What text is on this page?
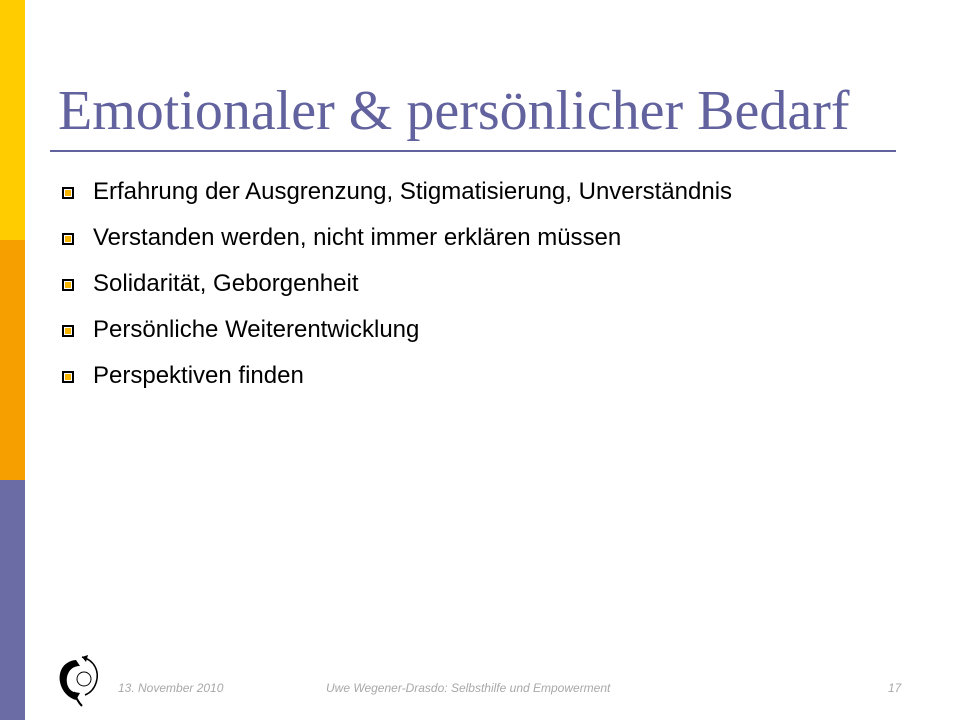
Emotionaler & persönlicher Bedarf
Erfahrung der Ausgrenzung, Stigmatisierung, Unverständnis
Verstanden werden, nicht immer erklären müssen
Solidarität, Geborgenheit
Persönliche Weiterentwicklung
Perspektiven finden
13. November 2010	Uwe Wegener-Drasdo: Selbsthilfe und Empowerment	17
